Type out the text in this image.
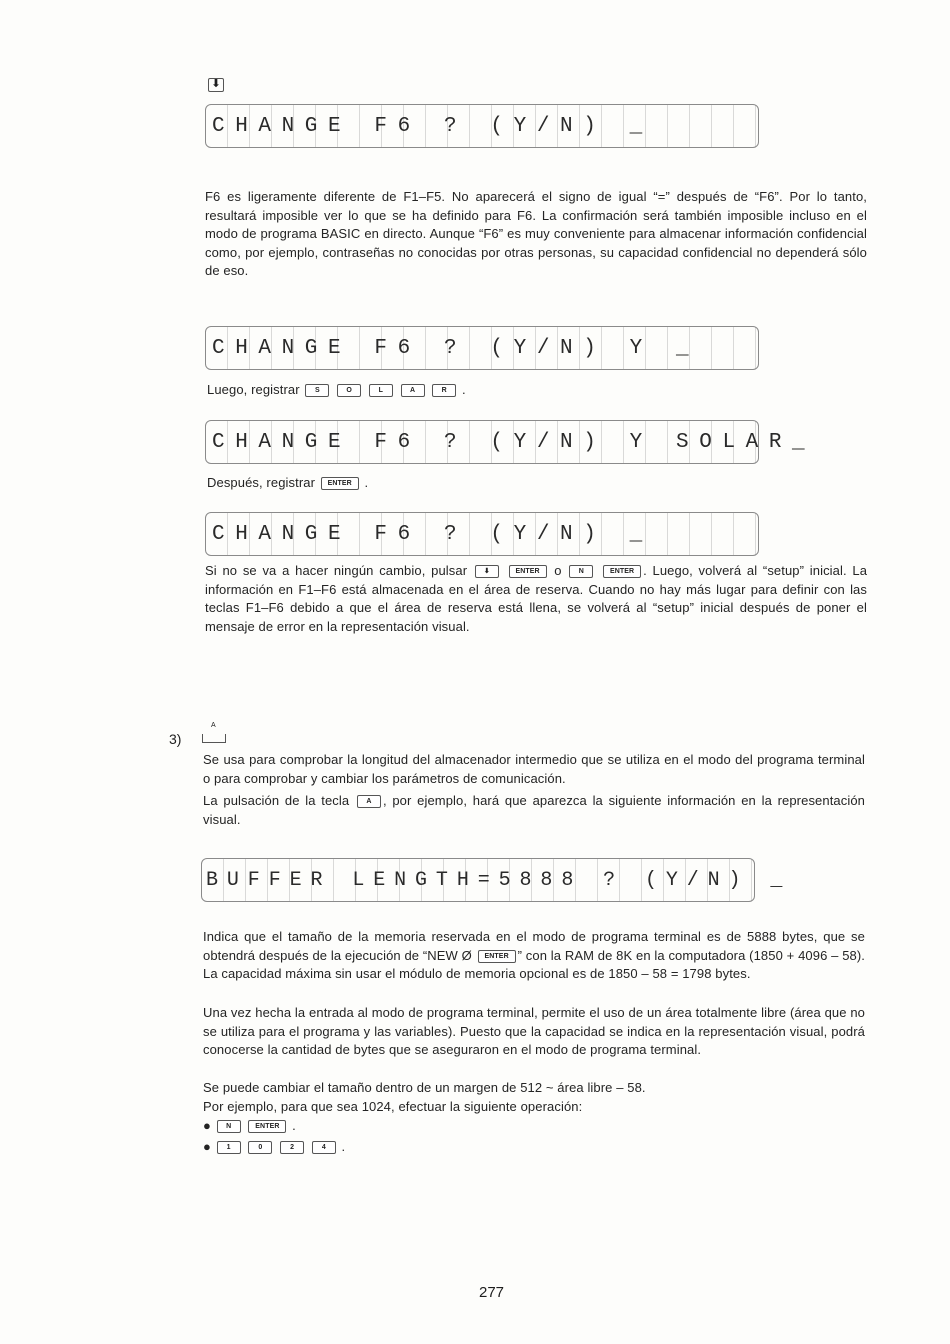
⬇
CHANGE F6 ? (Y/N) _
F6 es ligeramente diferente de F1–F5. No aparecerá el signo de igual “=” después de “F6”. Por lo tanto, resultará imposible ver lo que se ha definido para F6. La confirmación será también imposible incluso en el modo de programa BASIC en directo. Aunque “F6” es muy conveniente para almacenar información confidencial como, por ejemplo, contraseñas no conocidas por otras personas, su capacidad confidencial no dependerá sólo de eso.
CHANGE F6 ? (Y/N) Y _
Luego, registrar S	O	L	A	R .
CHANGE F6 ? (Y/N) Y SOLAR_
Después, registrar ENTER .
CHANGE F6 ? (Y/N) _
Si no se va a hacer ningún cambio, pulsar ⬇	ENTER o N	ENTER . Luego, volverá al “setup” inicial. La información en F1–F6 está almacenada en el área de reserva. Cuando no hay más lugar para definir con las teclas F1–F6 debido a que el área de reserva está llena, se volverá al “setup” inicial después de poner el mensaje de error en la representación visual.
3)
A
Se usa para comprobar la longitud del almacenador intermedio que se utiliza en el modo del programa terminal o para comprobar y cambiar los parámetros de comunicación.
La pulsación de la tecla A , por ejemplo, hará que aparezca la siguiente información en la representación visual.
BUFFER LENGTH=5888 ? (Y/N) _
Indica que el tamaño de la memoria reservada en el modo de programa terminal es de 5888 bytes, que se obtendrá después de la ejecución de “NEW Ø ENTER ” con la RAM de 8K en la computadora (1850 + 4096 – 58). La capacidad máxima sin usar el módulo de memoria opcional es de 1850 – 58 = 1798 bytes.
Una vez hecha la entrada al modo de programa terminal, permite el uso de un área totalmente libre (área que no se utiliza para el programa y las variables). Puesto que la capacidad se indica en la representación visual, podrá conocerse la cantidad de bytes que se aseguraron en el modo de programa terminal.
Se puede cambiar el tamaño dentro de un margen de 512 ~ área libre – 58.
Por ejemplo, para que sea 1024, efectuar la siguiente operación:
● N	ENTER .
● 1	0	2	4 .
277
